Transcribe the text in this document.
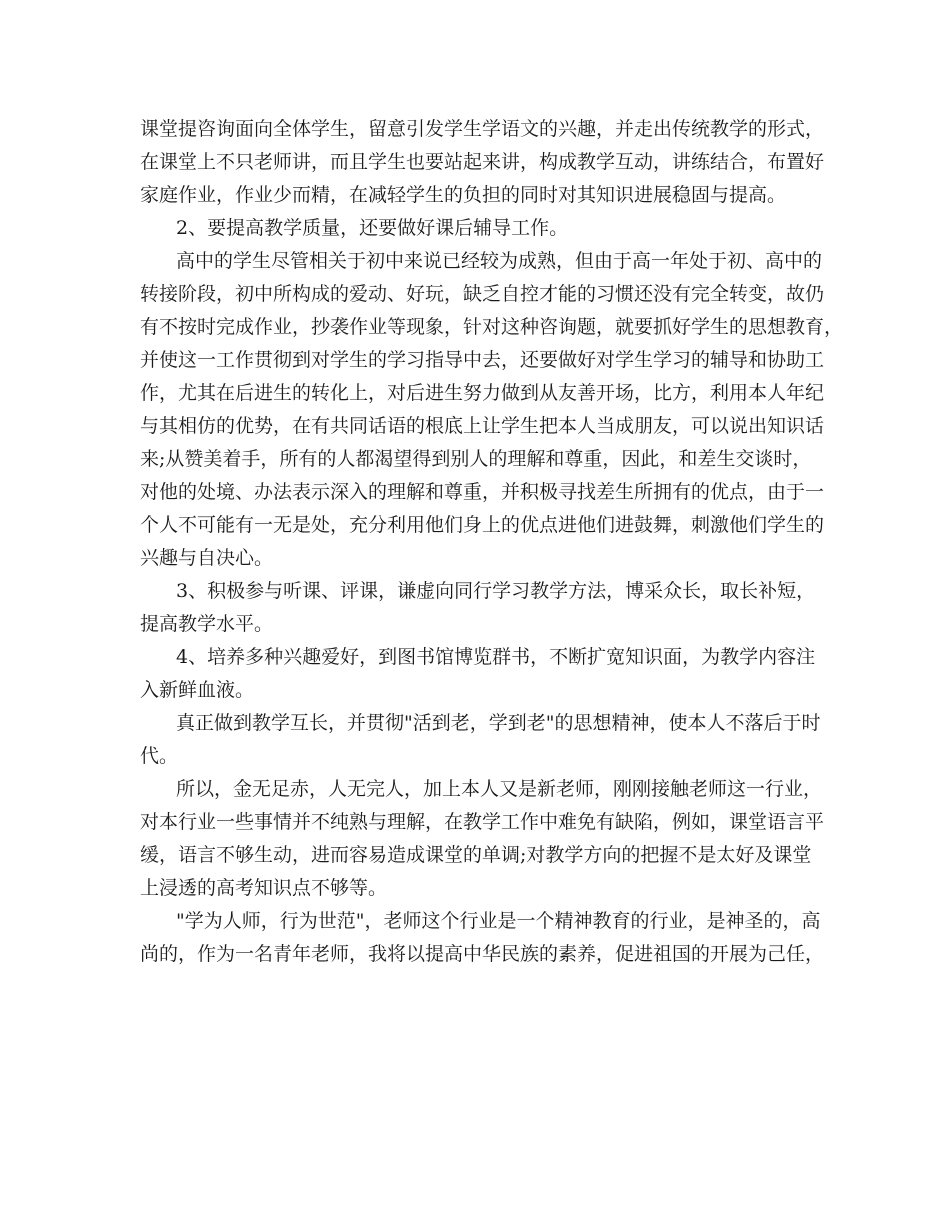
课堂提咨询面向全体学生，留意引发学生学语文的兴趣，并走出传统教学的形式，
在课堂上不只老师讲，而且学生也要站起来讲，构成教学互动，讲练结合，布置好
家庭作业，作业少而精，在减轻学生的负担的同时对其知识进展稳固与提高。
2、要提高教学质量，还要做好课后辅导工作。
高中的学生尽管相关于初中来说已经较为成熟，但由于高一年处于初、高中的
转接阶段，初中所构成的爱动、好玩，缺乏自控才能的习惯还没有完全转变，故仍
有不按时完成作业，抄袭作业等现象，针对这种咨询题，就要抓好学生的思想教育，
并使这一工作贯彻到对学生的学习指导中去，还要做好对学生学习的辅导和协助工
作，尤其在后进生的转化上，对后进生努力做到从友善开场，比方，利用本人年纪
与其相仿的优势，在有共同话语的根底上让学生把本人当成朋友，可以说出知识话
来;从赞美着手，所有的人都渴望得到别人的理解和尊重，因此，和差生交谈时，
对他的处境、办法表示深入的理解和尊重，并积极寻找差生所拥有的优点，由于一
个人不可能有一无是处，充分利用他们身上的优点进他们进鼓舞，刺激他们学生的
兴趣与自决心。
3、积极参与听课、评课，谦虚向同行学习教学方法，博采众长，取长补短，
提高教学水平。
4、培养多种兴趣爱好，到图书馆博览群书，不断扩宽知识面，为教学内容注
入新鲜血液。
真正做到教学互长，并贯彻"活到老，学到老"的思想精神，使本人不落后于时
代。
所以，金无足赤，人无完人，加上本人又是新老师，刚刚接触老师这一行业，
对本行业一些事情并不纯熟与理解，在教学工作中难免有缺陷，例如，课堂语言平
缓，语言不够生动，进而容易造成课堂的单调;对教学方向的把握不是太好及课堂
上浸透的高考知识点不够等。
"学为人师，行为世范"，老师这个行业是一个精神教育的行业，是神圣的，高
尚的，作为一名青年老师，我将以提高中华民族的素养，促进祖国的开展为己任，
